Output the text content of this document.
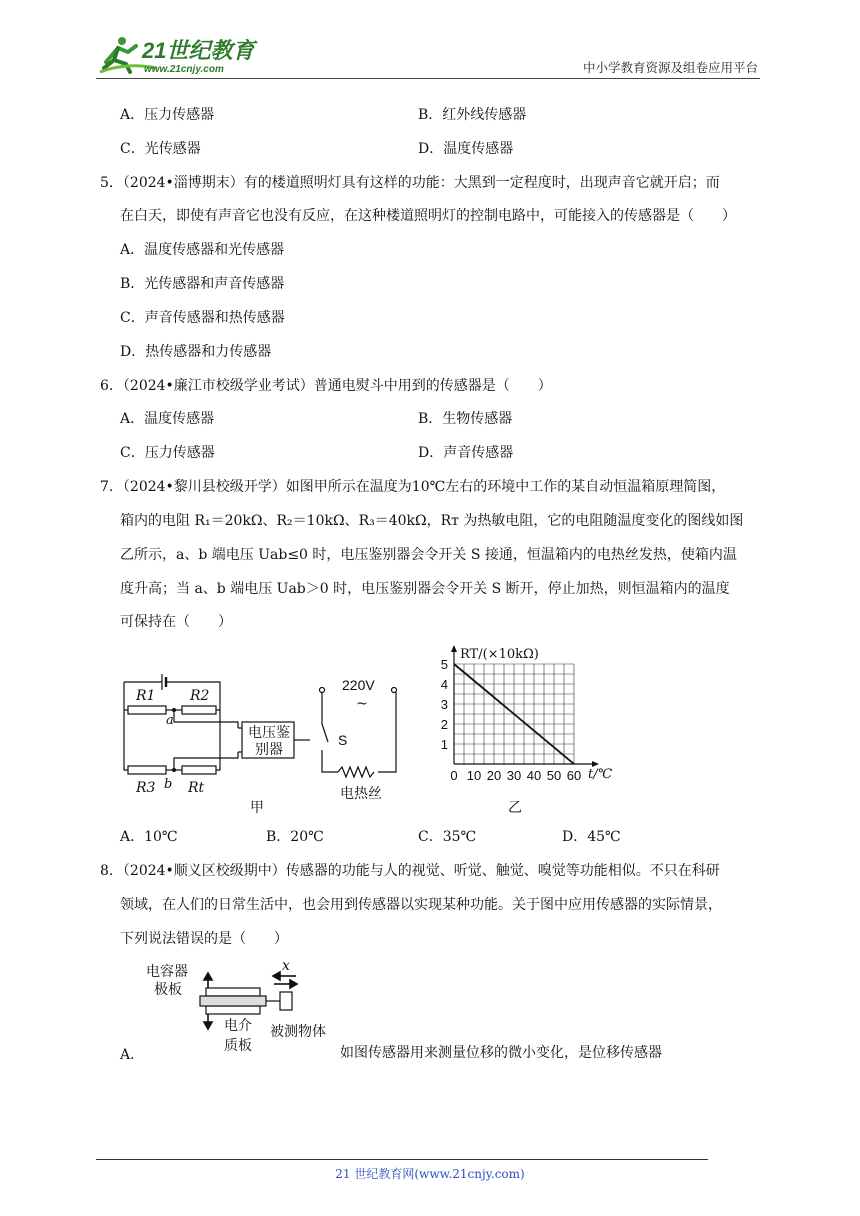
21世纪教育
www.21cnjy.com	中小学教育资源及组卷应用平台
A．压力传感器	B．红外线传感器
C．光传感器	D．温度传感器
5．（2024•淄博期末）有的楼道照明灯具有这样的功能：大黑到一定程度时，出现声音它就开启；而
在白天，即使有声音它也没有反应，在这种楼道照明灯的控制电路中，可能接入的传感器是（　　）
A．温度传感器和光传感器
B．光传感器和声音传感器
C．声音传感器和热传感器
D．热传感器和力传感器
6．（2024•廉江市校级学业考试）普通电熨斗中用到的传感器是（　　）
A．温度传感器	B．生物传感器
C．压力传感器	D．声音传感器
7．（2024•黎川县校级开学）如图甲所示在温度为10℃左右的环境中工作的某自动恒温箱原理简图，
箱内的电阻 R₁＝20kΩ、R₂＝10kΩ、R₃＝40kΩ，Rᴛ 为热敏电阻，它的电阻随温度变化的图线如图
乙所示，a、b 端电压 Uab≤0 时，电压鉴别器会令开关 S 接通，恒温箱内的电热丝发热，使箱内温
度升高；当 a、b 端电压 Uab＞0 时，电压鉴别器会令开关 S 断开，停止加热，则恒温箱内的温度
可保持在（　　）
R1 R2
a
R3 b Rt
电压鉴
别器
220V
~
S
电热丝
甲
0 10 20 30 40 50 60
1
2
3
4
5
RT/(×10kΩ)
t/℃
乙
A．10℃	B．20℃	C．35℃	D．45℃
8．（2024•顺义区校级期中）传感器的功能与人的视觉、听觉、触觉、嗅觉等功能相似。不只在科研
领域，在人们的日常生活中，也会用到传感器以实现某种功能。关于图中应用传感器的实际情景，
下列说法错误的是（　　）
电容器
极板
电介
质板
被测物体
x
A．	如图传感器用来测量位移的微小变化，是位移传感器
21 世纪教育网(www.21cnjy.com)
